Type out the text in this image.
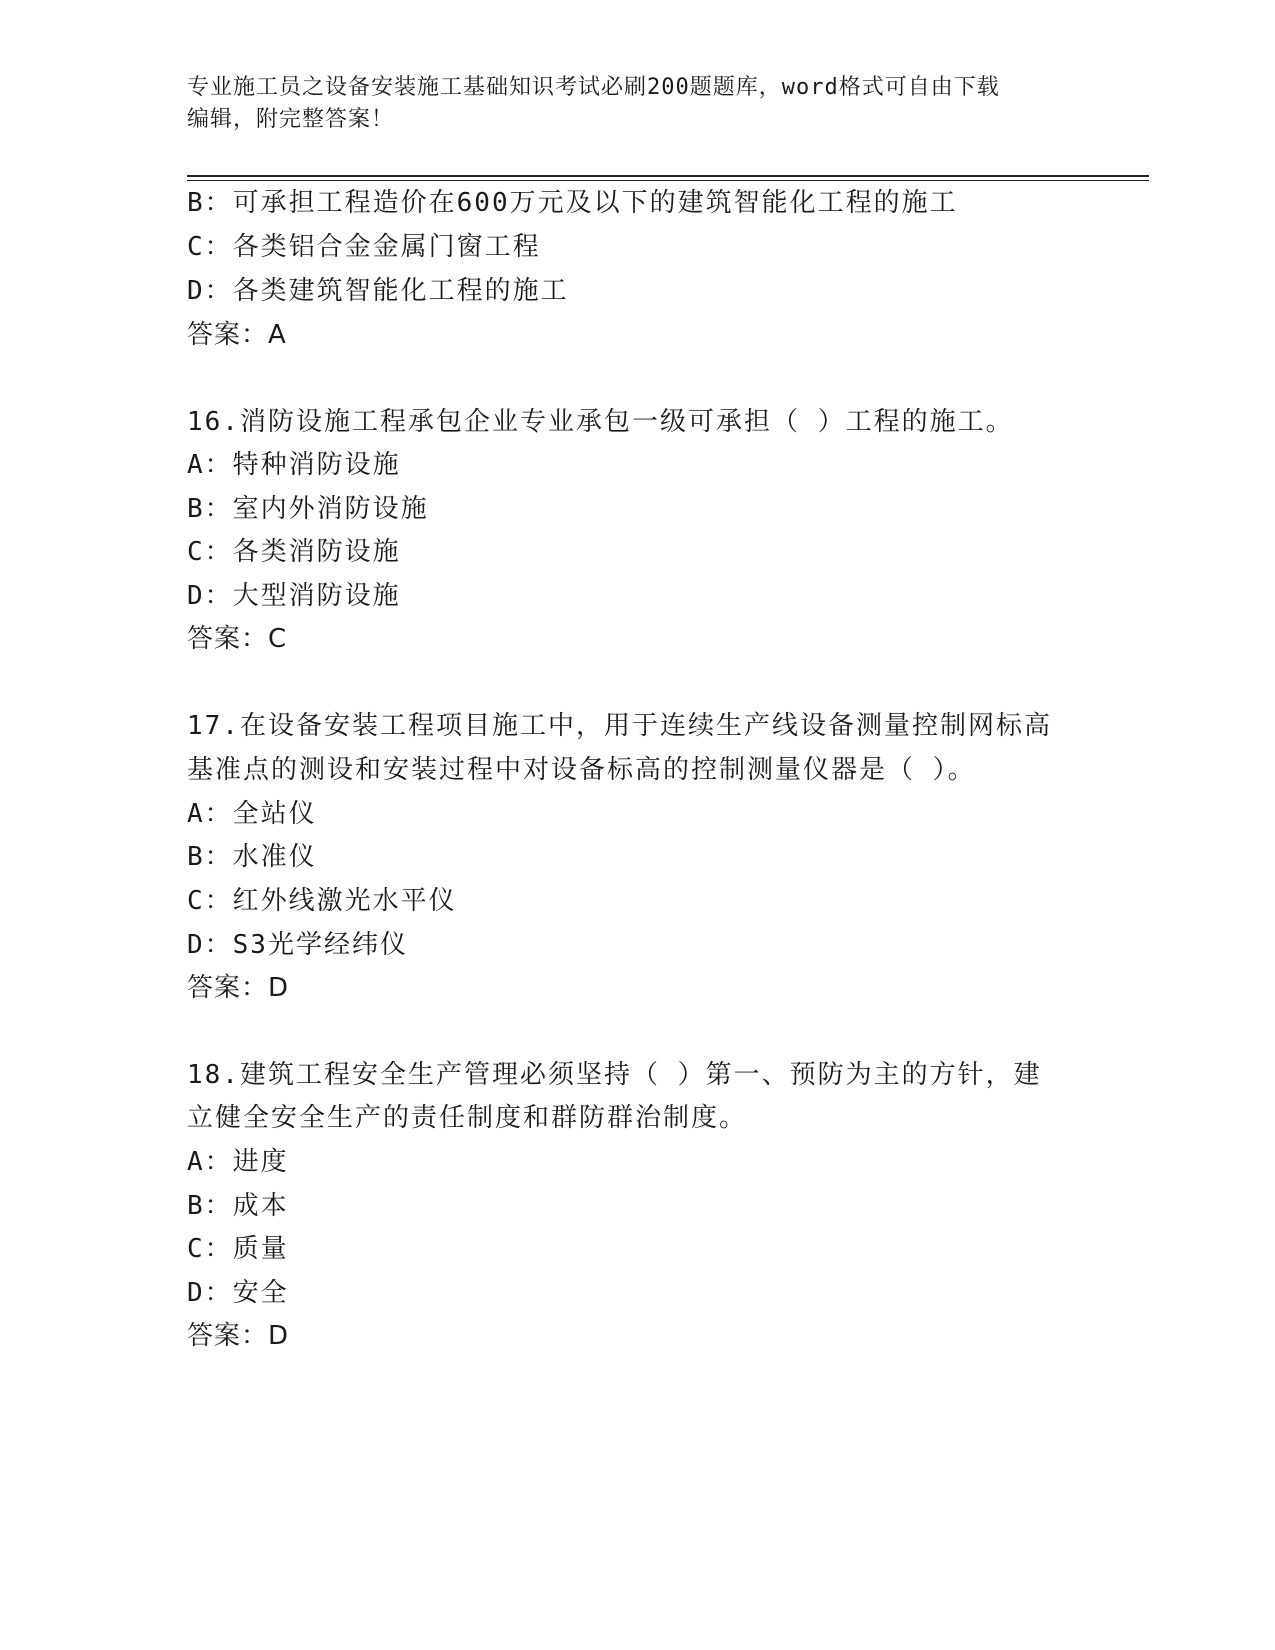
专业施工员之设备安装施工基础知识考试必刷200题题库，word格式可自由下载
编辑，附完整答案！
B：可承担工程造价在600万元及以下的建筑智能化工程的施工
C：各类铝合金金属门窗工程
D：各类建筑智能化工程的施工
答案：A
16.消防设施工程承包企业专业承包一级可承担（ ）工程的施工。
A：特种消防设施
B：室内外消防设施
C：各类消防设施
D：大型消防设施
答案：C
17.在设备安装工程项目施工中，用于连续生产线设备测量控制网标高
基准点的测设和安装过程中对设备标高的控制测量仪器是（ ）。
A：全站仪
B：水准仪
C：红外线激光水平仪
D：S3光学经纬仪
答案：D
18.建筑工程安全生产管理必须坚持（ ）第一、预防为主的方针，建
立健全安全生产的责任制度和群防群治制度。
A：进度
B：成本
C：质量
D：安全
答案：D
